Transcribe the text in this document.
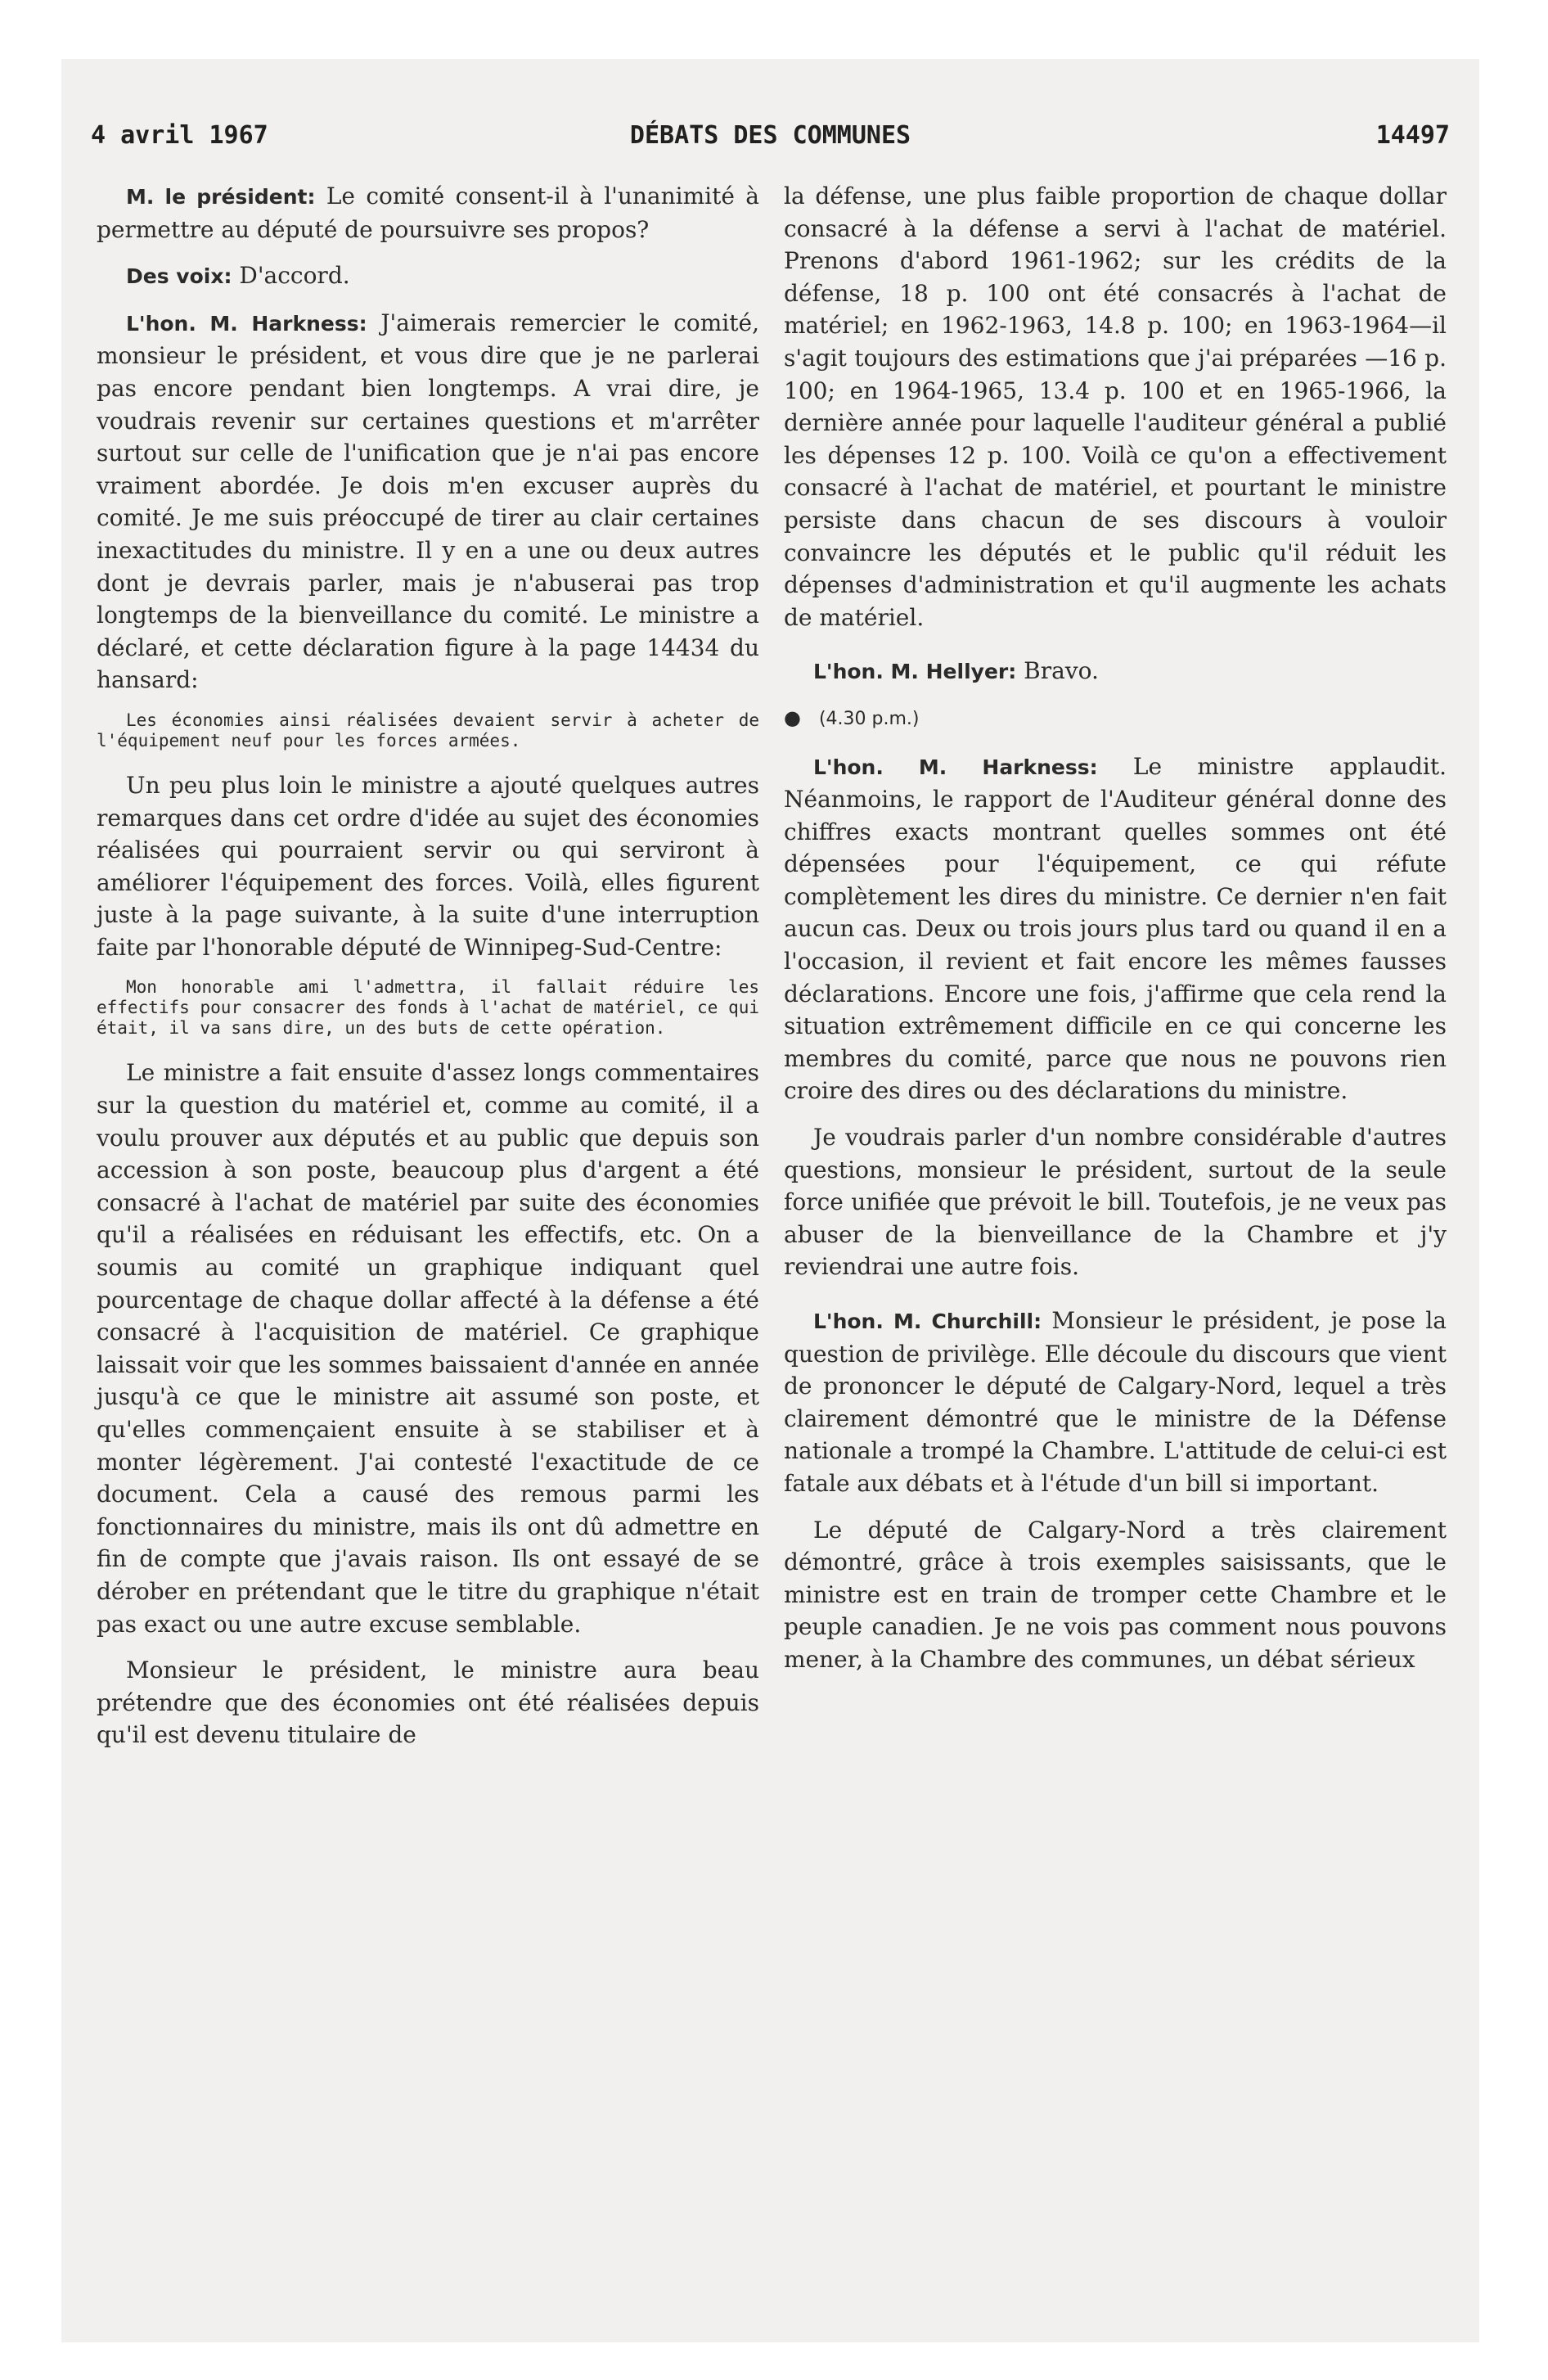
4 avril 1967	DÉBATS DES COMMUNES	14497

M. le président: Le comité consent-il à l'unanimité à permettre au député de poursuivre ses propos?

Des voix: D'accord.

L'hon. M. Harkness: J'aimerais remercier le comité, monsieur le président, et vous dire que je ne parlerai pas encore pendant bien longtemps. A vrai dire, je voudrais revenir sur certaines questions et m'arrêter surtout sur celle de l'unification que je n'ai pas encore vraiment abordée. Je dois m'en excuser auprès du comité. Je me suis préoccupé de tirer au clair certaines inexactitudes du ministre. Il y en a une ou deux autres dont je devrais parler, mais je n'abuserai pas trop longtemps de la bienveillance du comité. Le ministre a déclaré, et cette déclaration figure à la page 14434 du hansard:

Les économies ainsi réalisées devaient servir à acheter de l'équipement neuf pour les forces armées.

Un peu plus loin le ministre a ajouté quelques autres remarques dans cet ordre d'idée au sujet des économies réalisées qui pourraient servir ou qui serviront à améliorer l'équipement des forces. Voilà, elles figurent juste à la page suivante, à la suite d'une interruption faite par l'honorable député de Winnipeg-Sud-Centre:

Mon honorable ami l'admettra, il fallait réduire les effectifs pour consacrer des fonds à l'achat de matériel, ce qui était, il va sans dire, un des buts de cette opération.

Le ministre a fait ensuite d'assez longs commentaires sur la question du matériel et, comme au comité, il a voulu prouver aux députés et au public que depuis son accession à son poste, beaucoup plus d'argent a été consacré à l'achat de matériel par suite des économies qu'il a réalisées en réduisant les effectifs, etc. On a soumis au comité un graphique indiquant quel pourcentage de chaque dollar affecté à la défense a été consacré à l'acquisition de matériel. Ce graphique laissait voir que les sommes baissaient d'année en année jusqu'à ce que le ministre ait assumé son poste, et qu'elles commençaient ensuite à se stabiliser et à monter légèrement. J'ai contesté l'exactitude de ce document. Cela a causé des remous parmi les fonctionnaires du ministre, mais ils ont dû admettre en fin de compte que j'avais raison. Ils ont essayé de se dérober en prétendant que le titre du graphique n'était pas exact ou une autre excuse semblable.

Monsieur le président, le ministre aura beau prétendre que des économies ont été réalisées depuis qu'il est devenu titulaire de

la défense, une plus faible proportion de chaque dollar consacré à la défense a servi à l'achat de matériel. Prenons d'abord 1961-1962; sur les crédits de la défense, 18 p. 100 ont été consacrés à l'achat de matériel; en 1962-1963, 14.8 p. 100; en 1963-1964—il s'agit toujours des estimations que j'ai préparées —16 p. 100; en 1964-1965, 13.4 p. 100 et en 1965-1966, la dernière année pour laquelle l'auditeur général a publié les dépenses 12 p. 100. Voilà ce qu'on a effectivement consacré à l'achat de matériel, et pourtant le ministre persiste dans chacun de ses discours à vouloir convaincre les députés et le public qu'il réduit les dépenses d'administration et qu'il augmente les achats de matériel.

L'hon. M. Hellyer: Bravo.

● (4.30 p.m.)

L'hon. M. Harkness: Le ministre applaudit. Néanmoins, le rapport de l'Auditeur général donne des chiffres exacts montrant quelles sommes ont été dépensées pour l'équipement, ce qui réfute complètement les dires du ministre. Ce dernier n'en fait aucun cas. Deux ou trois jours plus tard ou quand il en a l'occasion, il revient et fait encore les mêmes fausses déclarations. Encore une fois, j'affirme que cela rend la situation extrêmement difficile en ce qui concerne les membres du comité, parce que nous ne pouvons rien croire des dires ou des déclarations du ministre.

Je voudrais parler d'un nombre considérable d'autres questions, monsieur le président, surtout de la seule force unifiée que prévoit le bill. Toutefois, je ne veux pas abuser de la bienveillance de la Chambre et j'y reviendrai une autre fois.

L'hon. M. Churchill: Monsieur le président, je pose la question de privilège. Elle découle du discours que vient de prononcer le député de Calgary-Nord, lequel a très clairement démontré que le ministre de la Défense nationale a trompé la Chambre. L'attitude de celui-ci est fatale aux débats et à l'étude d'un bill si important.

Le député de Calgary-Nord a très clairement démontré, grâce à trois exemples saisissants, que le ministre est en train de tromper cette Chambre et le peuple canadien. Je ne vois pas comment nous pouvons mener, à la Chambre des communes, un débat sérieux
